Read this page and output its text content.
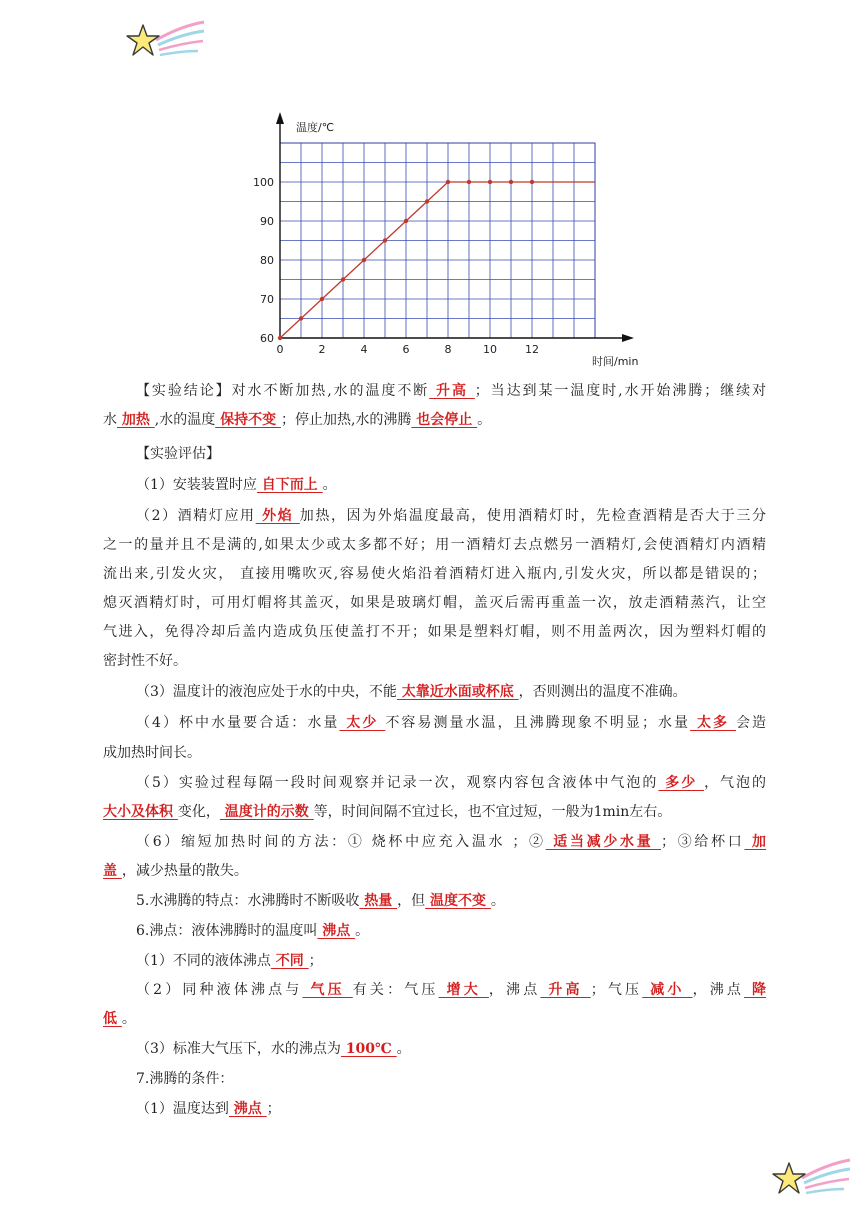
0	2	4	6	8	10	12
60
70
80
90
100
温度/℃
时间/min
【实验结论】对水不断加热,水的温度不断 升高 ；当达到某一温度时,水开始沸腾；继续对
水 加热 ,水的温度 保持不变 ；停止加热,水的沸腾 也会停止 。
【实验评估】
（1）安装装置时应 自下而上 。
（2）酒精灯应用 外焰 加热，因为外焰温度最高，使用酒精灯时，先检查酒精是否大于三分
之一的量并且不是满的,如果太少或太多都不好；用一酒精灯去点燃另一酒精灯,会使酒精灯内酒精
流出来,引发火灾， 直接用嘴吹灭,容易使火焰沿着酒精灯进入瓶内,引发火灾，所以都是错误的；
熄灭酒精灯时，可用灯帽将其盖灭，如果是玻璃灯帽，盖灭后需再重盖一次，放走酒精蒸汽，让空
气进入，免得冷却后盖内造成负压使盖打不开；如果是塑料灯帽，则不用盖两次，因为塑料灯帽的
密封性不好。
（3）温度计的液泡应处于水的中央，不能 太靠近水面或杯底 ，否则测出的温度不准确。
（4）杯中水量要合适：水量 太少 不容易测量水温，且沸腾现象不明显；水量 太多 会造
成加热时间长。
（5）实验过程每隔一段时间观察并记录一次，观察内容包含液体中气泡的 多少 ，气泡的
大小及体积 变化， 温度计的示数 等，时间间隔不宜过长，也不宜过短，一般为1min左右。
（6）缩短加热时间的方法：① 烧杯中应充入温水 ；② 适当减少水量 ；③给杯口 加
盖 ，减少热量的散失。
5.水沸腾的特点：水沸腾时不断吸收 热量 ，但 温度不变 。
6.沸点：液体沸腾时的温度叫 沸点 。
（1）不同的液体沸点 不同 ；
（2）同种液体沸点与 气压 有关：气压 增大 ，沸点 升高 ；气压 减小 ，沸点 降
低 。
（3）标准大气压下，水的沸点为 100℃ 。
7.沸腾的条件：
（1）温度达到 沸点 ；
